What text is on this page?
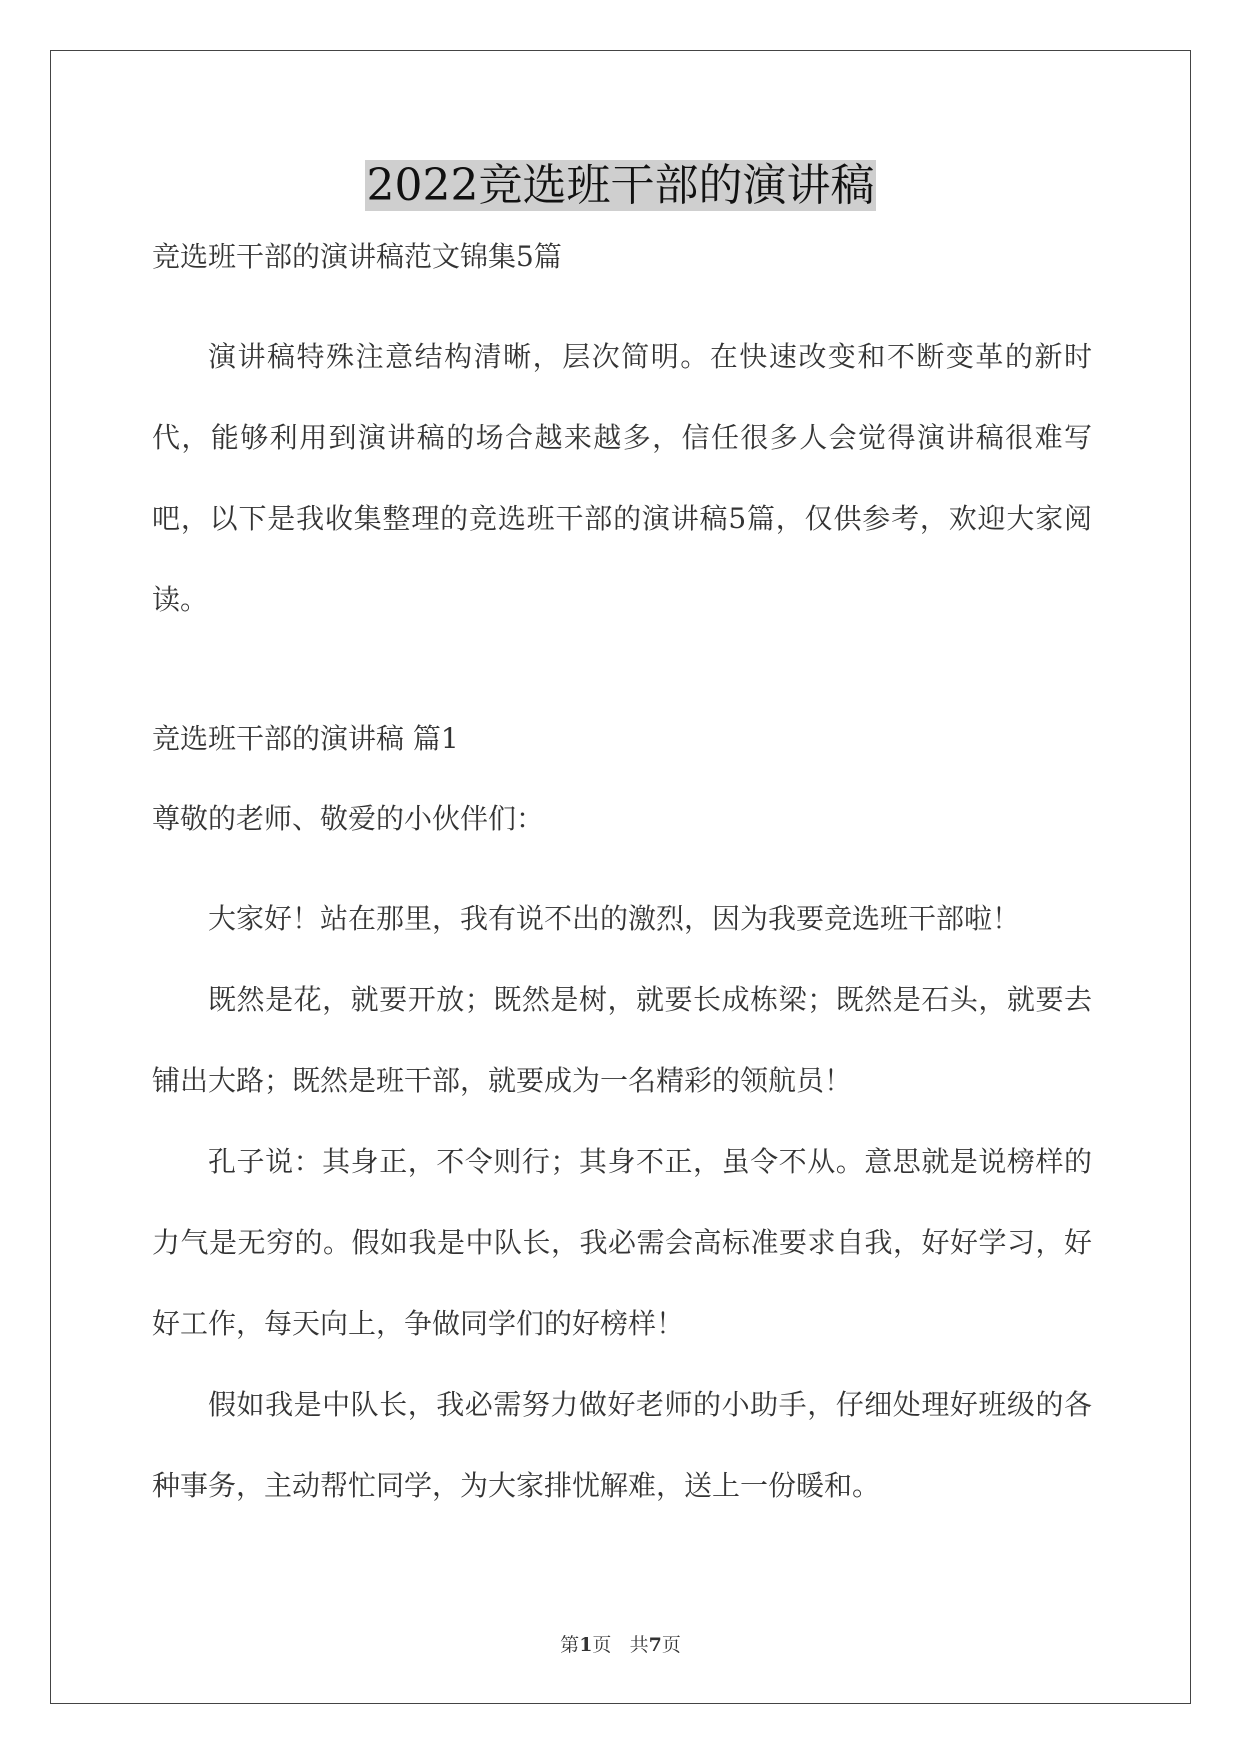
2022竞选班干部的演讲稿
竞选班干部的演讲稿范文锦集5篇
演讲稿特殊注意结构清晰，层次简明。在快速改变和不断变革的新时代，能够利用到演讲稿的场合越来越多，信任很多人会觉得演讲稿很难写吧，以下是我收集整理的竞选班干部的演讲稿5篇，仅供参考，欢迎大家阅读。
竞选班干部的演讲稿 篇1
尊敬的老师、敬爱的小伙伴们：
大家好！站在那里，我有说不出的激烈，因为我要竞选班干部啦！
既然是花，就要开放；既然是树，就要长成栋梁；既然是石头，就要去铺出大路；既然是班干部，就要成为一名精彩的领航员！
孔子说：其身正，不令则行；其身不正，虽令不从。意思就是说榜样的力气是无穷的。假如我是中队长，我必需会高标准要求自我，好好学习，好好工作，每天向上，争做同学们的好榜样！
假如我是中队长，我必需努力做好老师的小助手，仔细处理好班级的各种事务，主动帮忙同学，为大家排忧解难，送上一份暖和。
第1页 共7页
